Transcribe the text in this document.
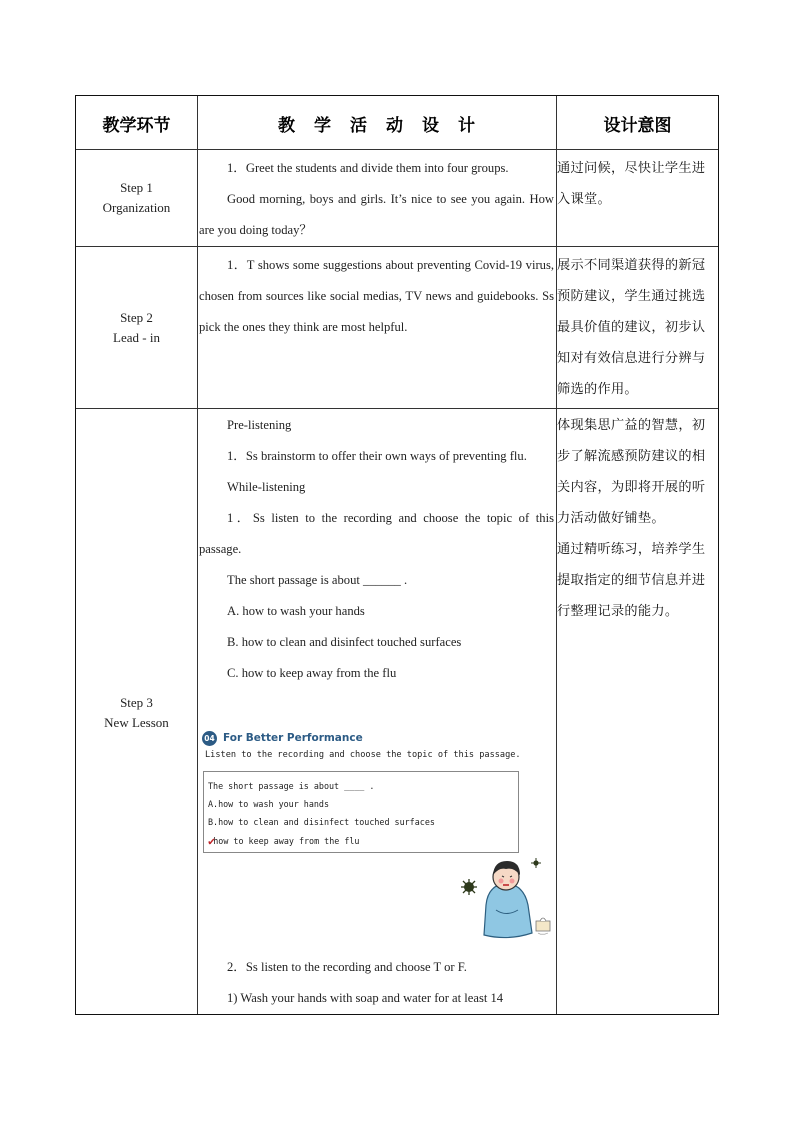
教学环节	教　学　活　动　设　计	设计意图
Step 1
Organization

1．Greet the students and divide them into four groups.

Good morning, boys and girls. It’s nice to see you again. How are you doing today？

通过问候，尽快让学生进入课堂。

Step 2
Lead - in

1．T shows some suggestions about preventing Covid-19 virus, chosen from sources like social medias, TV news and guidebooks. Ss pick the ones they think are most helpful.

展示不同渠道获得的新冠预防建议，学生通过挑选最具价值的建议，初步认知对有效信息进行分辨与筛选的作用。

Step 3
New Lesson

Pre-listening

1．Ss brainstorm to offer their own ways of preventing flu.

While-listening

1．Ss listen to the recording and choose the topic of this passage.

The short passage is about ______ .

A. how to wash your hands

B. how to clean and disinfect touched surfaces

C. how to keep away from the flu

04 For Better Performance
Listen to the recording and choose the topic of this passage.
The short passage is about ____ .
A.how to wash your hands
B.how to clean and disinfect touched surfaces
✔how to keep away from the flu

2．Ss listen to the recording and choose T or F.

1) Wash your hands with soap and water for at least 14

体现集思广益的智慧，初步了解流感预防建议的相关内容，为即将开展的听力活动做好铺垫。

通过精听练习，培养学生提取指定的细节信息并进行整理记录的能力。
